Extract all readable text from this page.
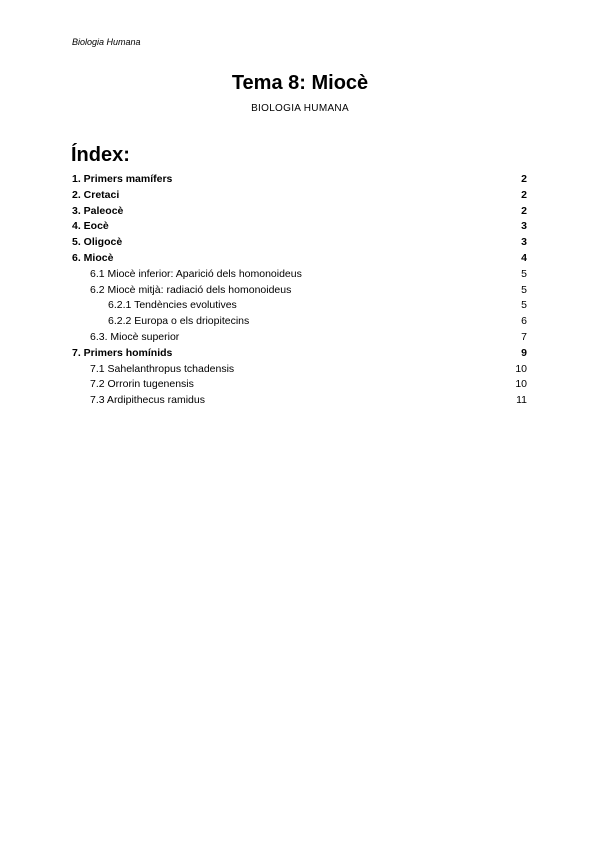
Biologia Humana
Tema 8: Miocè
BIOLOGIA HUMANA
Índex:
1. Primers mamífers	2
2. Cretaci	2
3. Paleocè	2
4. Eocè	3
5. Oligocè	3
6. Miocè	4
6.1 Miocè inferior: Aparició dels homonoideus	5
6.2 Miocè mitjà: radiació dels homonoideus	5
6.2.1 Tendències evolutives	5
6.2.2 Europa o els driopitecins	6
6.3. Miocè superior	7
7. Primers homínids	9
7.1 Sahelanthropus tchadensis	10
7.2 Orrorin tugenensis	10
7.3 Ardipithecus ramidus	11
